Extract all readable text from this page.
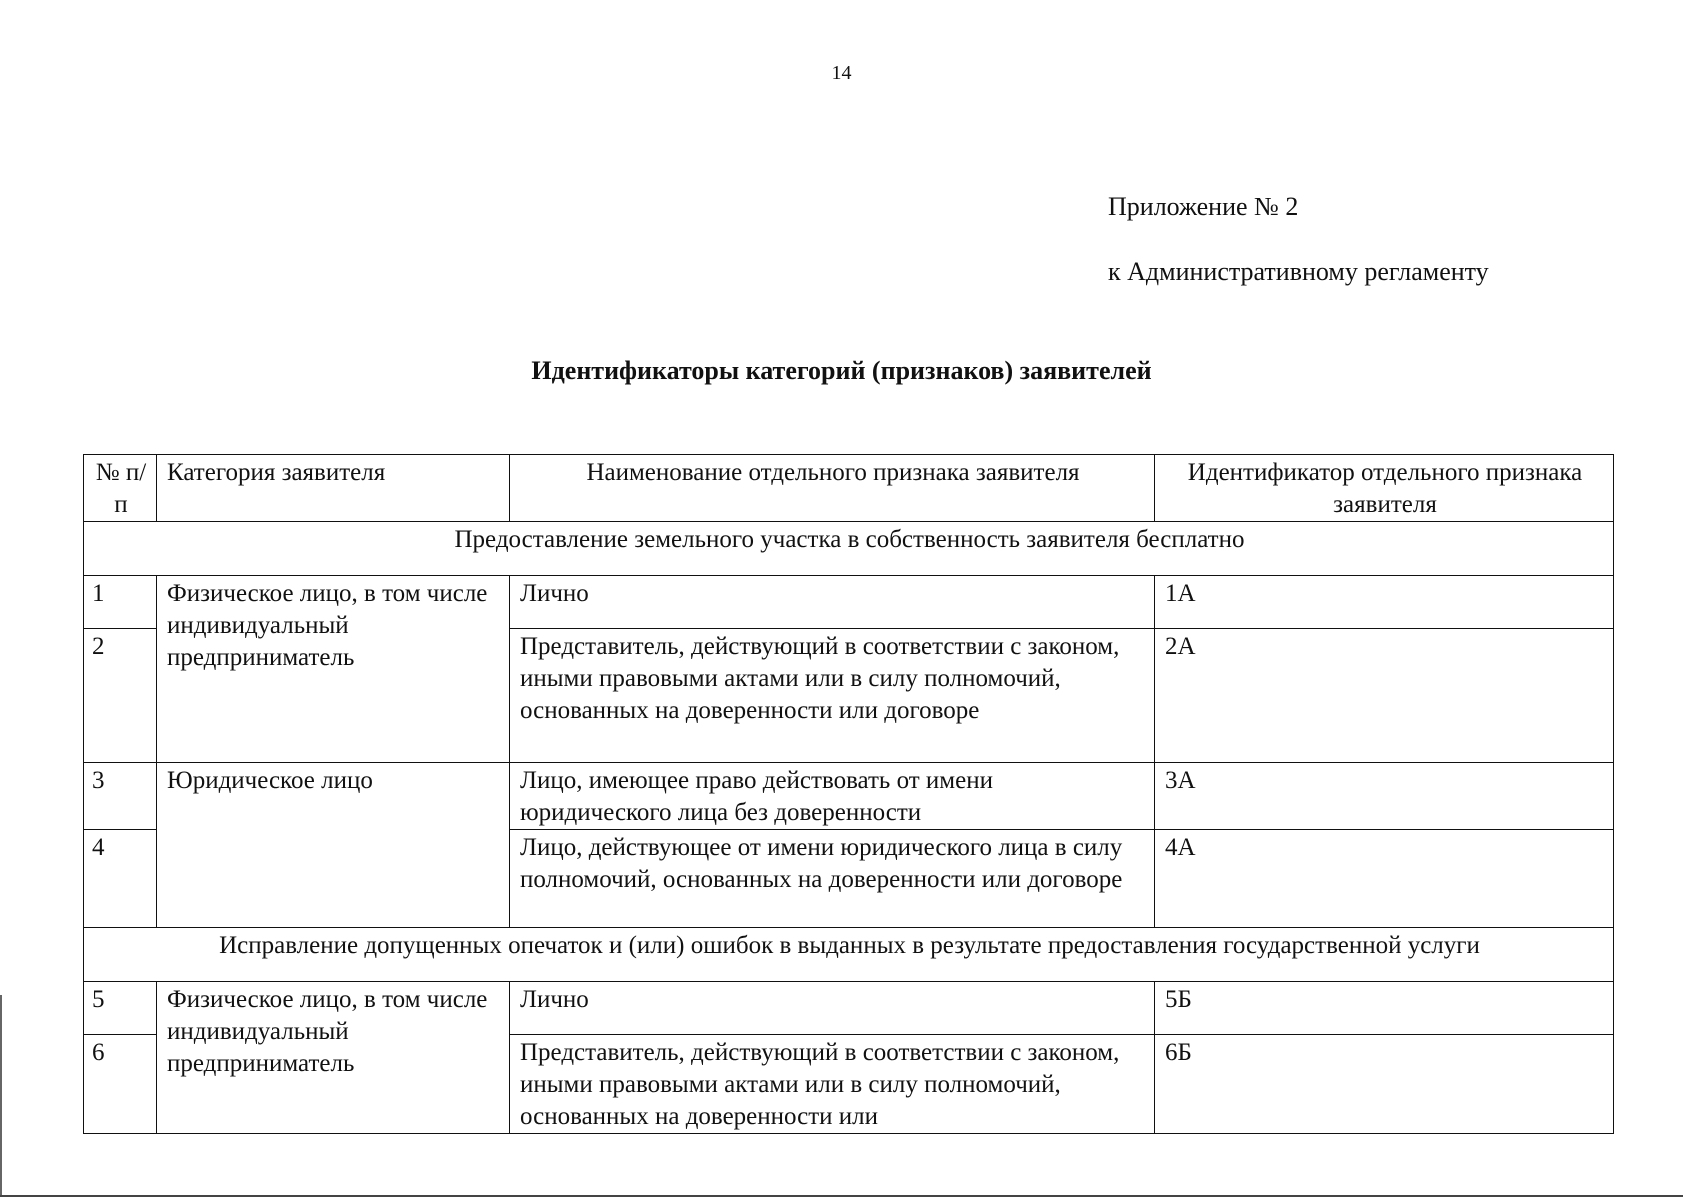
14
Приложение № 2
к Административному регламенту
Идентификаторы категорий (признаков) заявителей
№ п/п	Категория заявителя	Наименование отдельного признака заявителя	Идентификатор отдельного признака заявителя
Предоставление земельного участка в собственность заявителя бесплатно			
1	Физическое лицо, в том числе индивидуальный предприниматель	Лично	1А
2		Представитель, действующий в соответствии с законом, иными правовыми актами или в силу полномочий, основанных на доверенности или договоре	2А
3	Юридическое лицо	Лицо, имеющее право действовать от имени юридического лица без доверенности	3А
4		Лицо, действующее от имени юридического лица в силу полномочий, основанных на доверенности или договоре	4А
Исправление допущенных опечаток и (или) ошибок в выданных в результате предоставления государственной услуги			
5	Физическое лицо, в том числе индивидуальный предприниматель	Лично	5Б
6		Представитель, действующий в соответствии с законом, иными правовыми актами или в силу полномочий, основанных на доверенности или	6Б
